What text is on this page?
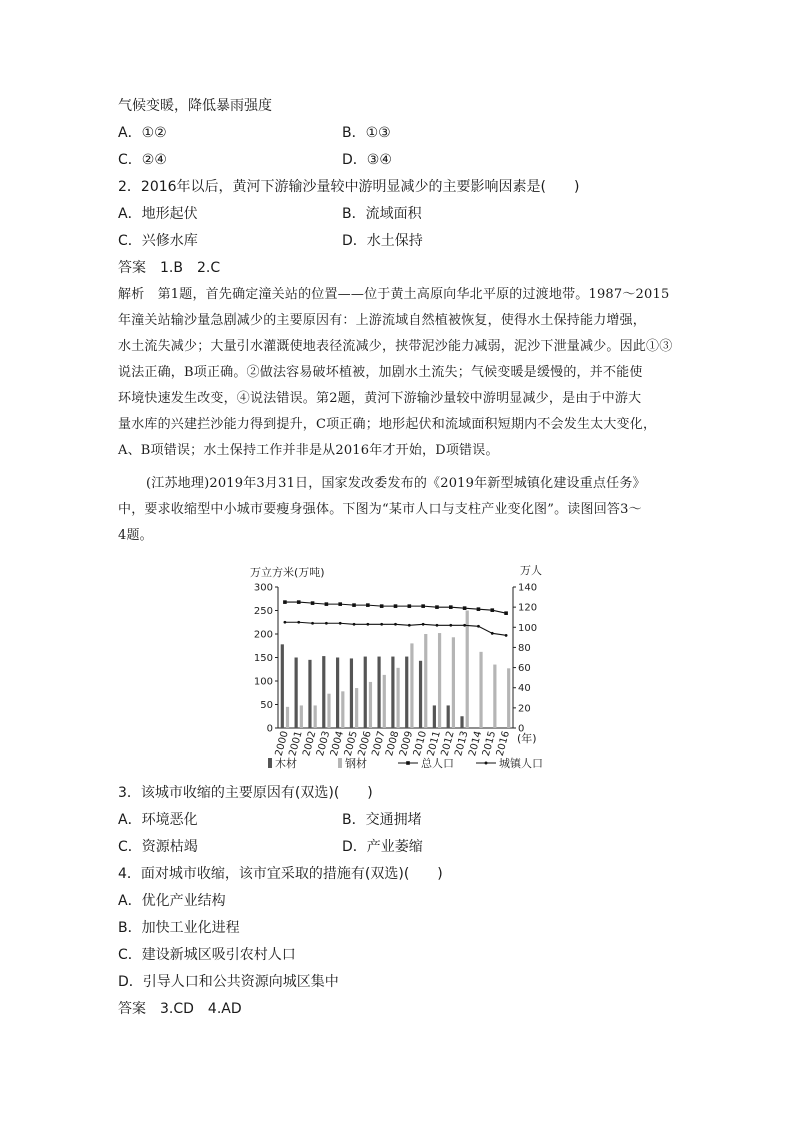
气候变暖，降低暴雨强度
A．①②	B．①③
C．②④	D．③④
2．2016年以后，黄河下游输沙量较中游明显减少的主要影响因素是(　　)
A．地形起伏	B．流域面积
C．兴修水库	D．水土保持
答案　1.B　2.C
解析　第1题，首先确定潼关站的位置——位于黄土高原向华北平原的过渡地带。1987～2015
年潼关站输沙量急剧减少的主要原因有：上游流域自然植被恢复，使得水土保持能力增强，
水土流失减少；大量引水灌溉使地表径流减少，挟带泥沙能力减弱，泥沙下泄量减少。因此①③
说法正确，B项正确。②做法容易破坏植被，加剧水土流失；气候变暖是缓慢的，并不能使
环境快速发生改变，④说法错误。第2题，黄河下游输沙量较中游明显减少，是由于中游大
量水库的兴建拦沙能力得到提升，C项正确；地形起伏和流域面积短期内不会发生太大变化，
A、B项错误；水土保持工作并非是从2016年才开始，D项错误。
(江苏地理)2019年3月31日，国家发改委发布的《2019年新型城镇化建设重点任务》
中，要求收缩型中小城市要瘦身强体。下图为“某市人口与支柱产业变化图”。读图回答3～
4题。
万立方米(万吨)	万人
0
50
100
150
200
250
300
0
20
40
60
80
100
120
140
2000
2001
2002
2003
2004
2005
2006
2007
2008
2009
2010
2011
2012
2013
2014
2015
2016 (年)
木材	钢材	总人口	城镇人口
3．该城市收缩的主要原因有(双选)(　　)
A．环境恶化	B．交通拥堵
C．资源枯竭	D．产业萎缩
4．面对城市收缩，该市宜采取的措施有(双选)(　　)
A．优化产业结构
B．加快工业化进程
C．建设新城区吸引农村人口
D．引导人口和公共资源向城区集中
答案　3.CD　4.AD
